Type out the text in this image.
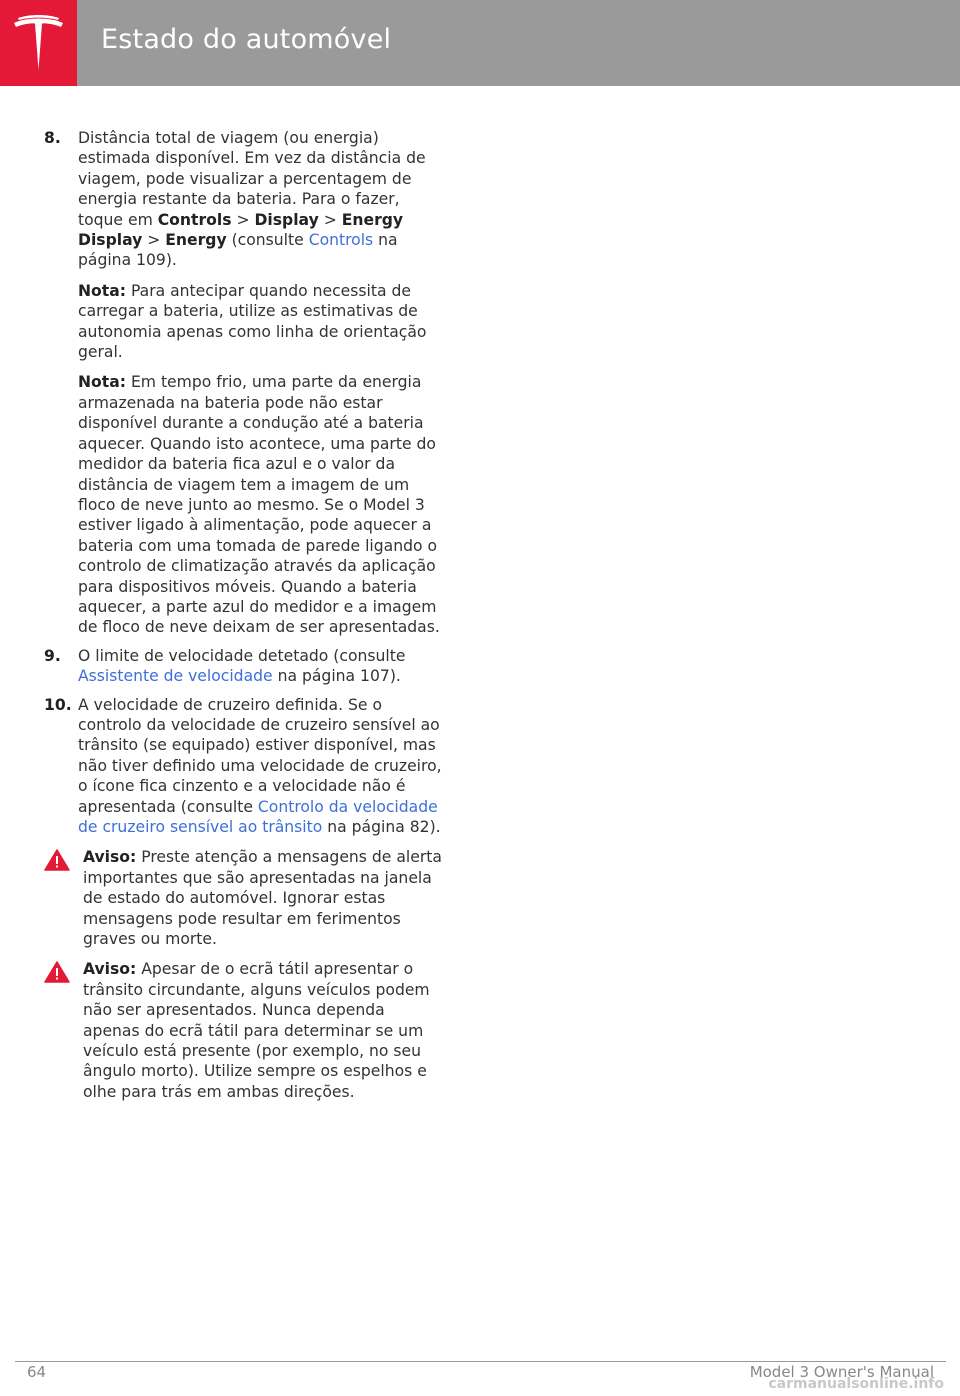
Estado do automóvel
8. Distância total de viagem (ou energia) estimada disponível. Em vez da distância de viagem, pode visualizar a percentagem de energia restante da bateria. Para o fazer, toque em Controls > Display > Energy Display > Energy (consulte Controls na página 109).

Nota: Para antecipar quando necessita de carregar a bateria, utilize as estimativas de autonomia apenas como linha de orientação geral.

Nota: Em tempo frio, uma parte da energia armazenada na bateria pode não estar disponível durante a condução até a bateria aquecer. Quando isto acontece, uma parte do medidor da bateria fica azul e o valor da distância de viagem tem a imagem de um floco de neve junto ao mesmo. Se o Model 3 estiver ligado à alimentação, pode aquecer a bateria com uma tomada de parede ligando o controlo de climatização através da aplicação para dispositivos móveis. Quando a bateria aquecer, a parte azul do medidor e a imagem de floco de neve deixam de ser apresentadas.

9. O limite de velocidade detetado (consulte Assistente de velocidade na página 107).

10. A velocidade de cruzeiro definida. Se o controlo da velocidade de cruzeiro sensível ao trânsito (se equipado) estiver disponível, mas não tiver definido uma velocidade de cruzeiro, o ícone fica cinzento e a velocidade não é apresentada (consulte Controlo da velocidade de cruzeiro sensível ao trânsito na página 82).

Aviso: Preste atenção a mensagens de alerta importantes que são apresentadas na janela de estado do automóvel. Ignorar estas mensagens pode resultar em ferimentos graves ou morte.
Aviso: Apesar de o ecrã tátil apresentar o trânsito circundante, alguns veículos podem não ser apresentados. Nunca dependa apenas do ecrã tátil para determinar se um veículo está presente (por exemplo, no seu ângulo morto). Utilize sempre os espelhos e olhe para trás em ambas direções.
64	Model 3 Owner's Manual
carmanualsonline.info
